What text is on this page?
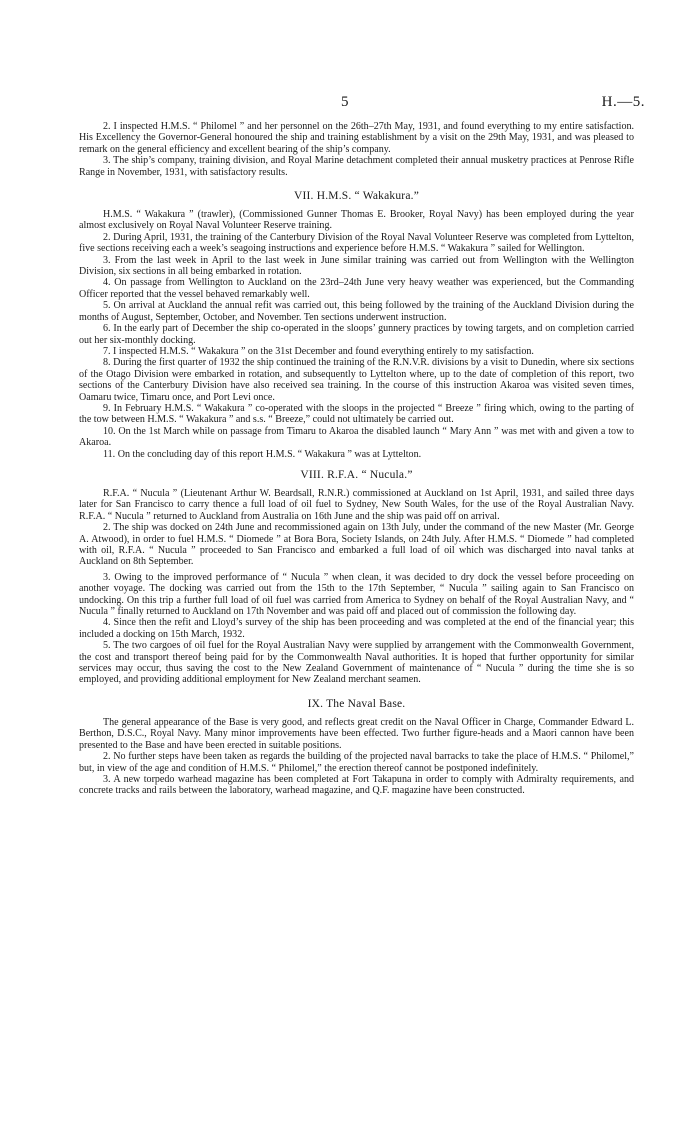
5	H.—5.

2. I inspected H.M.S. “ Philomel ” and her personnel on the 26th–27th May, 1931, and found everything to my entire satisfaction. His Excellency the Governor-General honoured the ship and training establishment by a visit on the 29th May, 1931, and was pleased to remark on the general efficiency and excellent bearing of the ship’s company.

3. The ship’s company, training division, and Royal Marine detachment completed their annual musketry practices at Penrose Rifle Range in November, 1931, with satisfactory results.

VII. H.M.S. “ Wakakura.”

H.M.S. “ Wakakura ” (trawler), (Commissioned Gunner Thomas E. Brooker, Royal Navy) has been employed during the year almost exclusively on Royal Naval Volunteer Reserve training.

2. During April, 1931, the training of the Canterbury Division of the Royal Naval Volunteer Reserve was completed from Lyttelton, five sections receiving each a week’s seagoing instructions and experience before H.M.S. “ Wakakura ” sailed for Wellington.

3. From the last week in April to the last week in June similar training was carried out from Wellington with the Wellington Division, six sections in all being embarked in rotation.

4. On passage from Wellington to Auckland on the 23rd–24th June very heavy weather was experienced, but the Commanding Officer reported that the vessel behaved remarkably well.

5. On arrival at Auckland the annual refit was carried out, this being followed by the training of the Auckland Division during the months of August, September, October, and November. Ten sections underwent instruction.

6. In the early part of December the ship co-operated in the sloops’ gunnery practices by towing targets, and on completion carried out her six-monthly docking.

7. I inspected H.M.S. “ Wakakura ” on the 31st December and found everything entirely to my satisfaction.

8. During the first quarter of 1932 the ship continued the training of the R.N.V.R. divisions by a visit to Dunedin, where six sections of the Otago Division were embarked in rotation, and subsequently to Lyttelton where, up to the date of completion of this report, two sections of the Canterbury Division have also received sea training. In the course of this instruction Akaroa was visited seven times, Oamaru twice, Timaru once, and Port Levi once.

9. In February H.M.S. “ Wakakura ” co-operated with the sloops in the projected “ Breeze ” firing which, owing to the parting of the tow between H.M.S. “ Wakakura ” and s.s. “ Breeze,” could not ultimately be carried out.

10. On the 1st March while on passage from Timaru to Akaroa the disabled launch “ Mary Ann ” was met with and given a tow to Akaroa.

11. On the concluding day of this report H.M.S. “ Wakakura ” was at Lyttelton.

VIII. R.F.A. “ Nucula.”

R.F.A. “ Nucula ” (Lieutenant Arthur W. Beardsall, R.N.R.) commissioned at Auckland on 1st April, 1931, and sailed three days later for San Francisco to carry thence a full load of oil fuel to Sydney, New South Wales, for the use of the Royal Australian Navy. R.F.A. “ Nucula ” returned to Auckland from Australia on 16th June and the ship was paid off on arrival.

2. The ship was docked on 24th June and recommissioned again on 13th July, under the command of the new Master (Mr. George A. Atwood), in order to fuel H.M.S. “ Diomede ” at Bora Bora, Society Islands, on 24th July. After H.M.S. “ Diomede ” had completed with oil, R.F.A. “ Nucula ” proceeded to San Francisco and embarked a full load of oil which was discharged into naval tanks at Auckland on 8th September.

3. Owing to the improved performance of “ Nucula ” when clean, it was decided to dry dock the vessel before proceeding on another voyage. The docking was carried out from the 15th to the 17th September, “ Nucula ” sailing again to San Francisco on undocking. On this trip a further full load of oil fuel was carried from America to Sydney on behalf of the Royal Australian Navy, and “ Nucula ” finally returned to Auckland on 17th November and was paid off and placed out of commission the following day.

4. Since then the refit and Lloyd’s survey of the ship has been proceeding and was completed at the end of the financial year; this included a docking on 15th March, 1932.

5. The two cargoes of oil fuel for the Royal Australian Navy were supplied by arrangement with the Commonwealth Government, the cost and transport thereof being paid for by the Commonwealth Naval authorities. It is hoped that further opportunity for similar services may occur, thus saving the cost to the New Zealand Government of maintenance of “ Nucula ” during the time she is so employed, and providing additional employment for New Zealand merchant seamen.

IX. The Naval Base.

The general appearance of the Base is very good, and reflects great credit on the Naval Officer in Charge, Commander Edward L. Berthon, D.S.C., Royal Navy. Many minor improvements have been effected. Two further figure-heads and a Maori cannon have been presented to the Base and have been erected in suitable positions.

2. No further steps have been taken as regards the building of the projected naval barracks to take the place of H.M.S. “ Philomel,” but, in view of the age and condition of H.M.S. “ Philomel,” the erection thereof cannot be postponed indefinitely.

3. A new torpedo warhead magazine has been completed at Fort Takapuna in order to comply with Admiralty requirements, and concrete tracks and rails between the laboratory, warhead magazine, and Q.F. magazine have been constructed.
